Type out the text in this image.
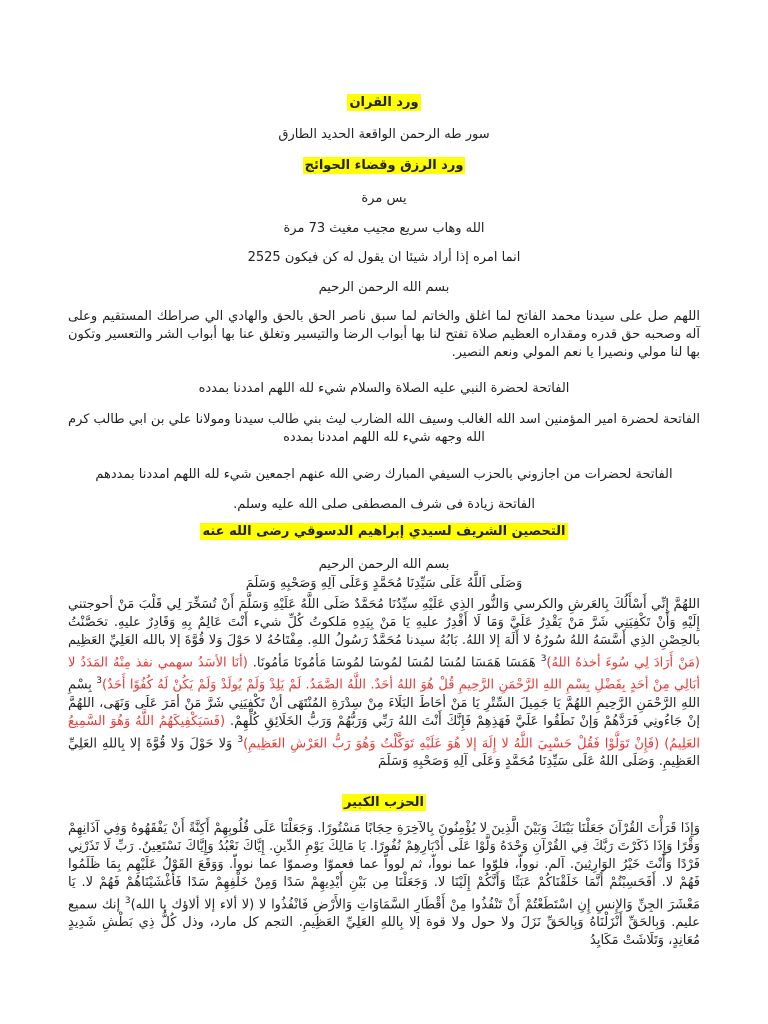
ورد القران
سور طه الرحمن الواقعة الحديد الطارق
ورد الرزق وقضاء الحوائج
يس مرة
الله وهاب سريع مجيب مغيث 73 مرة
انما امره إذا أراد شيئا ان يقول له كن فيكون 2525
بسم الله الرحمن الرحيم
اللهم صل على سيدنا محمد الفاتح لما اغلق والخاتم لما سبق ناصر الحق بالحق والهادي الي صراطك المستقيم وعلى آله وصحبه حق قدره ومقداره العظيم صلاة تفتح لنا بها أبواب الرضا والتيسير وتغلق عنا بها أبواب الشر والتعسير وتكون بها لنا مولي ونصيرا يا نعم المولي ونعم النصير.
الفاتحة لحضرة النبي عليه الصلاة والسلام شيء لله اللهم امددنا بمدده
الفاتحة لحضرة امير المؤمنين اسد الله الغالب وسيف الله الضارب ليث بني طالب سيدنا ومولانا علي بن ابي طالب كرم الله وجهه شيء لله اللهم امددنا بمدده
الفاتحة لحضرات من اجازوني بالحزب السيفي المبارك رضي الله عنهم اجمعين شيء لله اللهم امددنا بمددهم
الفاتحة زيادة فى شرف المصطفى صلى الله عليه وسلم.
التحصين الشريف لسيدي إبراهيم الدسوقي رضى الله عنه
بسم الله الرحمن الرحيم
وَصَلَى اَللَّهُ عَلَى سَيِّدِنَا مُحَمَّدٍ وَعَلَى آلِهِ وَصَحْبِهِ وَسَلَمَ
اللهُمَّ إِنِّي أَسْأَلُكَ بِالعَرشِ والكرسي وَالنُّور الذِي عَلَيْهِ سيِّدُنَا مُحَمَّدٌ صَلَى اللَّهُ عَلَيْهِ وَسَلَّمَ أَنْ تُسَخِّرَ لِي قَلْبَ مَنْ أحوجتني إِلَيْهِ وَأَنْ تَكْفِيَنِي شَرَّ مَنْ يَقْدِرُ عَلَيَّ وَمَا لَا أَقْدِرُ عليهِ يَا مَنْ بِيَدِهِ مَلكوتُ كُلِّ شيء أَنْتَ عَالِمٌ بِهِ وَقَادِرٌ عليهِ. تحَصَّنْتُ بالحِصْنِ الذِي أَسَّسَهُ اللهُ سُورُهُ لا أَلَهَ إلا اللهُ. بَابُهُ سيدنا مُحَمَّدٌ رَسُولُ اللهِ. مِفْتَاحُهُ لا حَوْلَ وَلا قُوَّةَ إلا بالله العَلِيِّ العَظِيم (مَنْ أَرَادَ لِي سُوءَ أخذهُ اللهُ)$^3$ هَمَسَا هَمَسَا لمُسَا لمُسَا لمُوسَا لمُوسَا مَأمُونَا مَأمُونَا. (أنَا الأسَدُ سهمي نفذ مِنْهُ المَدَدُ لا أبَالِي مِنْ أحَدٍ بِفَضْلِ بِسْمِ اللهِ الرَّحْمَنِ الرَّحِيمِ قُلْ هُوَ اللهُ أحَدٌ. اللَّهُ الصَّمَدُ. لَمْ يَلِدْ وَلَمْ يُولَدْ وَلَمْ يَكُنْ لَهُ كُفُوًا أَحَدٌ)$^3$ بِسْمِ اللهِ الرَّحْمَنِ الرَّحِيمِ اللهُمَّ يَا جَمِيلَ السِّتْرِ يَا مَنْ أحَاطَ البَلَاءَ مِنْ سِدْرَةِ المُنْتَهَى أنْ تَكْفِيَنِي شَرَّ مَنْ أمَرَ عَلَى وَنَهَى، اللهُمَّ إنْ جَاءُونِي فَرَدَّهُمْ وَإنْ نَطَقُوا عَلَيَّ فَهَذِهِمْ فَإِنَّكَ أَنْتَ اللهُ رَبِّي وَرَبُّهُمْ وَرَبُّ الخَلَائِقِ كُلِّهِمْ. (فَسَيَكْفِيكَهُمُ اللَّهُ وَهُوَ السَّمِيعُ العَلِيمُ) (فَإِنْ تَوَلَّوْا فَقُلْ حَسْبِيَ اللَّهُ لا إِلَهَ إلا هُوَ عَلَيْهِ تَوَكَّلْتُ وَهُوَ رَبُّ العَرْشِ العَظِيمِ)$^3$ وَلا حَوْلَ وَلا قُوَّةَ إلا بِاللهِ العَلِيِّ العَظِيمِ. وَصَلَى اللهُ عَلَى سَيِّدِنَا مُحَمَّدٍ وَعَلَى آلِهِ وَصَحْبِهِ وَسَلَمَ
الحزب الكبير
وَإِذَا قَرَأْتَ القُرْآنَ جَعَلْنَا بَيْنَكَ وَبَيْنَ الَّذِينَ لا يُؤْمِنُونَ بِالآخِرَةِ حِجَابًا مَسْتُورًا. وَجَعَلْنَا عَلَى قُلُوبِهِمْ أَكِنَّةً أَنْ يَفْقَهُوهُ وَفِي آذَانِهِمْ وَقْرًا وَإِذَا ذَكَرْتَ رَبَّكَ فِي القُرْآنِ وَحْدَهُ وَلَّوْا عَلَى أَدْبَارِهِمْ نُفُورًا. يَا مَالِكَ يَوْمِ الدِّينِ. إِيَّاكَ نَعْبُدُ وَإِيَّاكَ نَسْتَعِينُ. رَبِّ لَا تَذَرْنِي فَرْدًا وَأَنْتَ خَيْرُ الوَارِثِينَ. آلم. نوواّ، فلوّوا عما نوواّ، ثم لوواّ عما فعموّا وصموّا عما نوواّ. وَوَقَعَ القَوْلُ عَلَيْهِم بِمَا ظَلَمُوا فَهُمْ لا. أَفَحَسِبْتُمْ أَنَّمَا خَلَقْنَاكُمْ عَبَثًا وَأَنَّكُمْ إِلَيْنَا لا. وَجَعَلْنَا مِن بَيْنِ أَيْدِيهِمْ سَدًا وَمِنْ خَلْفِهِمْ سَدًا فَأَغْشَيْنَاهُمْ فَهُمْ لا. يَا مَعْشَرَ الجِنِّ وَالإِنسِ إِنِ اسْتَطَعْتُمْ أَنْ تَنْفُذُوا مِنْ أَقْطَارِ السَّمَاوَاتِ وَالأَرْضِ فَانْفُذُوا لا (لا ألاء إلا ألاؤك يا الله)$^3$ إنك سميع عليم. وَبِالحَقِّ أَنْزَلْنَاهُ وَبِالحَقِّ نَزَلَ ولا حول ولا قوة إلا بِاللهِ العَلِيِّ العَظِيمِ. التجم كل مارد، وذل كُلُّ ذِي بَطْشِ شَدِيدٍ مُعَانِدٍ، وَتَلَاشَتْ مَكَايِدُ
